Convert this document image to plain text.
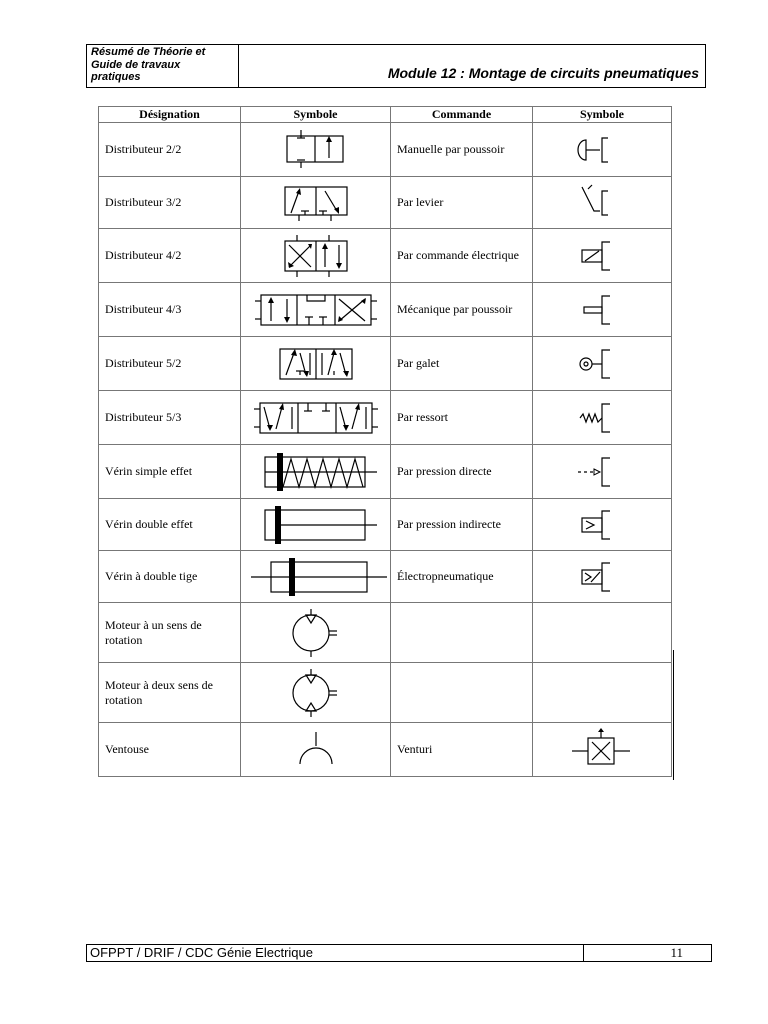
Résumé de Théorie et
Guide de travaux
pratiques	Module 12 : Montage de circuits pneumatiques
Désignation	Symbole	Commande	Symbole
Distributeur 2/2		Manuelle par poussoir	

Distributeur 3/2		Par levier	

Distributeur 4/2		Par commande électrique	

Distributeur 4/3		Mécanique par poussoir	

Distributeur 5/2		Par galet	

Distributeur 5/3		Par ressort	

Vérin simple effet		Par pression directe	

Vérin double effet		Par pression indirecte	

Vérin à double tige		Électropneumatique	

Moteur à un sens de rotation	

Moteur à deux sens de rotation	

Ventouse		Venturi	
OFPPT / DRIF / CDC Génie Electrique	11
